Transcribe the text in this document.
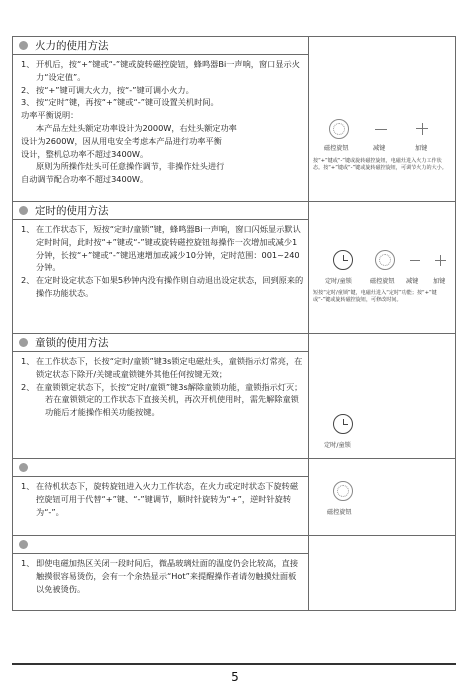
火力的使用方法
1、 开机后，按“+”键或“-”键或旋转磁控旋钮，蜂鸣器Bi一声响，窗口显示火力“设定值”。
2、 按“+”键可调大火力，按“-”键可调小火力。
3、 按“定时”键，再按“+”键或“-”键可设置关机时间。
功率平衡说明：
本产品左灶头额定功率设计为2000W，右灶头额定功率
设计为2600W，因从用电安全考虑本产品进行功率平衡
设计，整机总功率不超过3400W。
原则为所操作灶头可任意操作调节，非操作灶头进行
自动调节配合功率不超过3400W。
磁控旋钮	减键	加键
按“+”键或“-”键或旋转磁控旋钮，电磁灶进入火力工作状态。按“+”键或“-”键或旋转磁控旋钮，可调节火力的大小。
定时的使用方法
1、 在工作状态下，短按“定时/童锁”键，蜂鸣器Bi一声响，窗口闪烁显示默认定时时间，此时按“+”键或“-”键或旋转磁控旋钮每操作一次增加或减少1分钟，长按“+”键或“-”键迅速增加或减少10分钟，定时范围：001~240分钟。
2、 在定时设定状态下如果5秒钟内没有操作则自动退出设定状态，回到原来的操作功能状态。
定时/童锁	磁控旋钮 减键 加键
短按“定时/童锁”键，电磁灶进入“定时”功能；按“+”键或“-”键或旋转磁控旋钮，可修改时间。
童锁的使用方法
1、 在工作状态下，长按“定时/童锁”键3s锁定电磁灶头，童锁指示灯常亮，在锁定状态下除开/关键或童锁键外其他任何按键无效；
2、 在童锁锁定状态下，长按“定时/童锁”键3s解除童锁功能，童锁指示灯灭；
若在童锁锁定的工作状态下直接关机，再次开机使用时，需先解除童锁功能后才能操作相关功能按键。
定时/童锁
1、 在待机状态下，旋转旋钮进入火力工作状态，在火力或定时状态下旋转磁控旋钮可用于代替“+”键、“-”键调节，顺时针旋转为“+”，逆时针旋转为“-”。	磁控旋钮
1、 即使电磁加热区关闭一段时间后，微晶玻璃灶面的温度仍会比较高，直接触摸很容易烫伤，会有一个余热显示“Hot”来提醒操作者请勿触摸灶面板以免被烫伤。
5
